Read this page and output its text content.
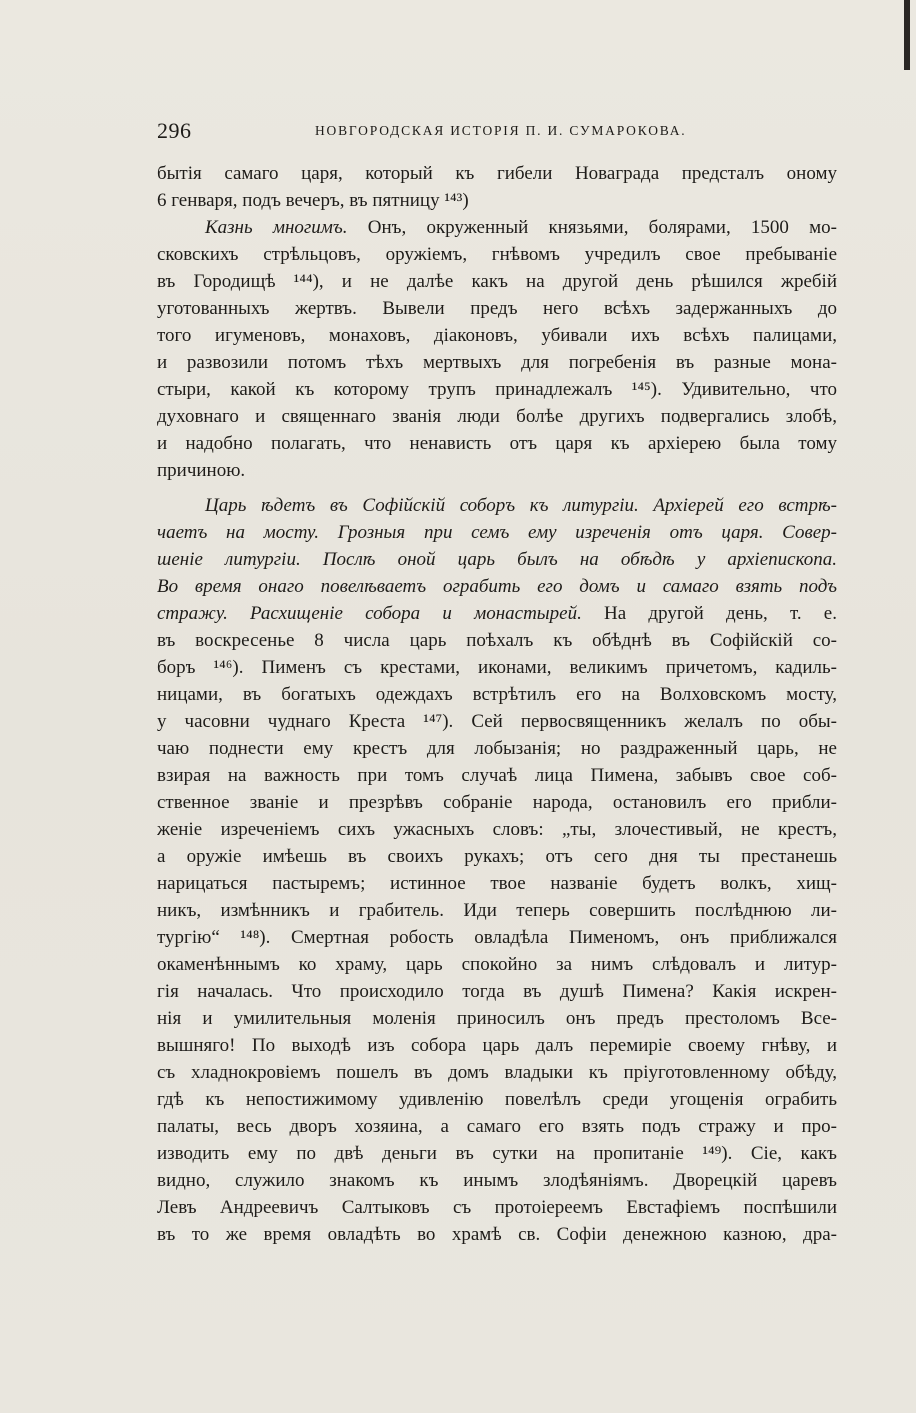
296	НОВГОРОДСКАЯ ИСТОРІЯ П. И. СУМАРОКОВА.
бытія самаго царя, который къ гибели Новаграда предсталъ оному
6 генваря, подъ вечеръ, въ пятницу ¹⁴³)
Казнь многимъ. Онъ, окруженный князьями, болярами, 1500 мо-
сковскихъ стрѣльцовъ, оружіемъ, гнѣвомъ учредилъ свое пребываніе
въ Городищѣ ¹⁴⁴), и не далѣе какъ на другой день рѣшился жребій
уготованныхъ жертвъ. Вывели предъ него всѣхъ задержанныхъ до
того игуменовъ, монаховъ, діаконовъ, убивали ихъ всѣхъ палицами,
и развозили потомъ тѣхъ мертвыхъ для погребенія въ разные мона-
стыри, какой къ которому трупъ принадлежалъ ¹⁴⁵). Удивительно, что
духовнаго и священнаго званія люди болѣе другихъ подвергались злобѣ,
и надобно полагать, что ненависть отъ царя къ архіерею была тому
причиною.
Царь ѣдетъ въ Софійскій соборъ къ литургіи. Архіерей его встрѣ-
чаетъ на мосту. Грозныя при семъ ему изреченія отъ царя. Совер-
шеніе литургіи. Послѣ оной царь былъ на обѣдѣ у архіепископа.
Во время онаго повелѣваетъ ограбить его домъ и самаго взять подъ
стражу. Расхищеніе собора и монастырей. На другой день, т. е.
въ воскресенье 8 числа царь поѣхалъ къ обѣднѣ въ Софійскій со-
боръ ¹⁴⁶). Пименъ съ крестами, иконами, великимъ причетомъ, кадиль-
ницами, въ богатыхъ одеждахъ встрѣтилъ его на Волховскомъ мосту,
у часовни чуднаго Креста ¹⁴⁷). Сей первосвященникъ желалъ по обы-
чаю поднести ему крестъ для лобызанія; но раздраженный царь, не
взирая на важность при томъ случаѣ лица Пимена, забывъ свое соб-
ственное званіе и презрѣвъ собраніе народа, остановилъ его прибли-
женіе изреченіемъ сихъ ужасныхъ словъ: „ты, злочестивый, не крестъ,
а оружіе имѣешь въ своихъ рукахъ; отъ сего дня ты престанешь
нарицаться пастыремъ; истинное твое названіе будетъ волкъ, хищ-
никъ, измѣнникъ и грабитель. Иди теперь совершить послѣднюю ли-
тургію“ ¹⁴⁸). Смертная робость овладѣла Пименомъ, онъ приближался
окаменѣннымъ ко храму, царь спокойно за нимъ слѣдовалъ и литур-
гія началась. Что происходило тогда въ душѣ Пимена? Какія искрен-
нія и умилительныя моленія приносилъ онъ предъ престоломъ Все-
вышняго! По выходѣ изъ собора царь далъ перемиріе своему гнѣву, и
съ хладнокровіемъ пошелъ въ домъ владыки къ пріуготовленному обѣду,
гдѣ къ непостижимому удивленію повелѣлъ среди угощенія ограбить
палаты, весь дворъ хозяина, а самаго его взять подъ стражу и про-
изводить ему по двѣ деньги въ сутки на пропитаніе ¹⁴⁹). Сіе, какъ
видно, служило знакомъ къ инымъ злодѣяніямъ. Дворецкій царевъ
Левъ Андреевичъ Салтыковъ съ протоіереемъ Евстафіемъ поспѣшили
въ то же время овладѣть во храмѣ св. Софіи денежною казною, дра-
